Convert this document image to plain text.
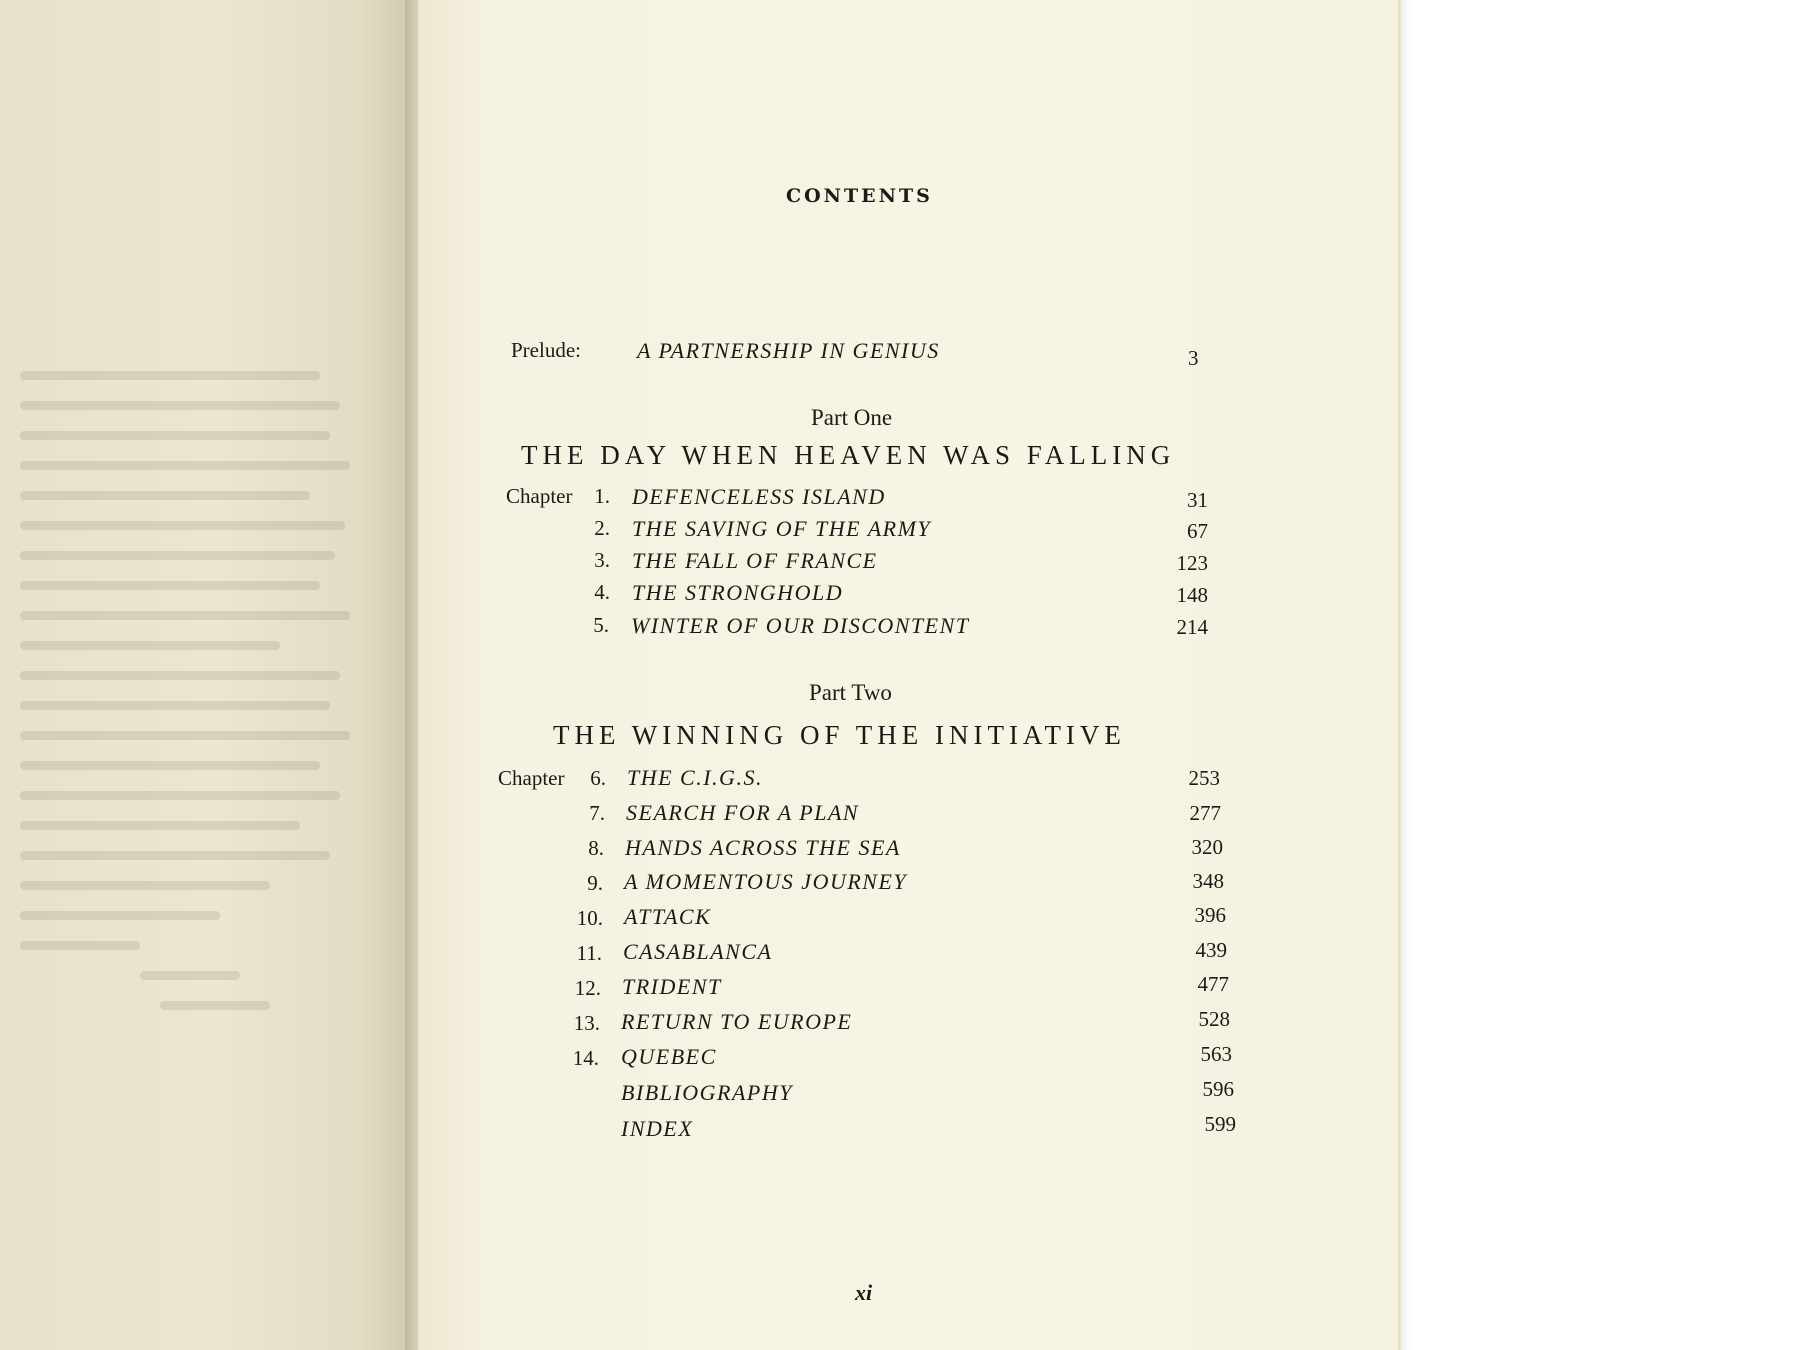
CONTENTS
Prelude:	A PARTNERSHIP IN GENIUS	3
Part One
THE DAY WHEN HEAVEN WAS FALLING
Chapter	1. DEFENCELESS ISLAND	31
2. THE SAVING OF THE ARMY	67
3. THE FALL OF FRANCE	123
4. THE STRONGHOLD	148
5. WINTER OF OUR DISCONTENT	214
Part Two
THE WINNING OF THE INITIATIVE
Chapter	6. THE C.I.G.S.	253
7. SEARCH FOR A PLAN	277
8. HANDS ACROSS THE SEA	320
9. A MOMENTOUS JOURNEY	348
10. ATTACK	396
11. CASABLANCA	439
12. TRIDENT	477
13. RETURN TO EUROPE	528
14. QUEBEC	563
BIBLIOGRAPHY	596
INDEX	599
xi
